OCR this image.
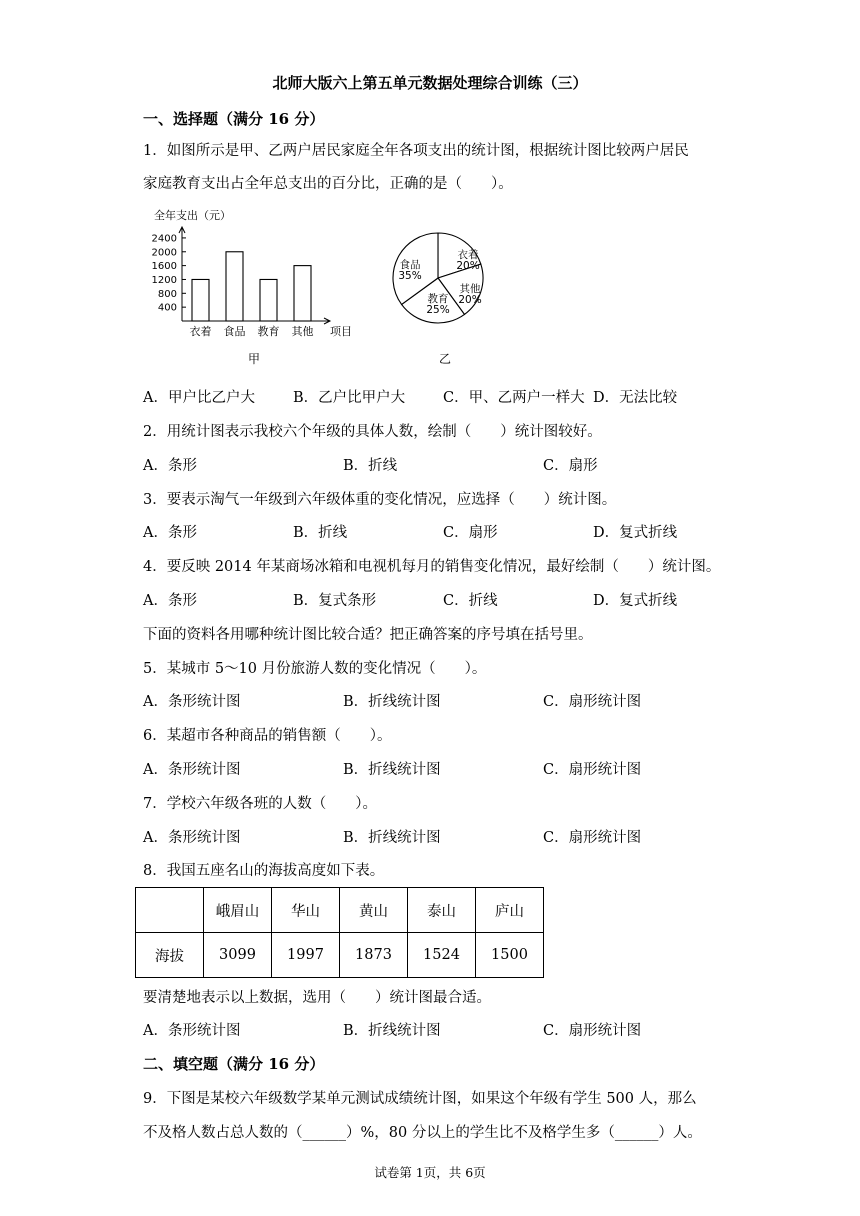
北师大版六上第五单元数据处理综合训练（三）
一、选择题（满分 16 分）
1．如图所示是甲、乙两户居民家庭全年各项支出的统计图，根据统计图比较两户居民
家庭教育支出占全年总支出的百分比，正确的是（　　）。
全年支出（元）
2400
2000
1600
1200
800
400
衣着 食品 教育 其他 项目
甲
衣着
20%
其他
20%
教育
25%
食品
35%
乙
A．甲户比乙户大	B．乙户比甲户大	C．甲、乙两户一样大 D．无法比较
2．用统计图表示我校六个年级的具体人数，绘制（　　）统计图较好。
A．条形	B．折线	C．扇形
3．要表示淘气一年级到六年级体重的变化情况，应选择（　　）统计图。
A．条形	B．折线	C．扇形	D．复式折线
4．要反映 2014 年某商场冰箱和电视机每月的销售变化情况，最好绘制（　　）统计图。
A．条形	B．复式条形	C．折线	D．复式折线
下面的资料各用哪种统计图比较合适？把正确答案的序号填在括号里。
5．某城市 5～10 月份旅游人数的变化情况（　　）。
A．条形统计图	B．折线统计图	C．扇形统计图
6．某超市各种商品的销售额（　　）。
A．条形统计图	B．折线统计图	C．扇形统计图
7．学校六年级各班的人数（　　）。
A．条形统计图	B．折线统计图	C．扇形统计图
8．我国五座名山的海拔高度如下表。
	峨眉山	华山	黄山	泰山	庐山
海拔	3099	1997	1873	1524	1500
要清楚地表示以上数据，选用（　　）统计图最合适。
A．条形统计图	B．折线统计图	C．扇形统计图
二、填空题（满分 16 分）
9．下图是某校六年级数学某单元测试成绩统计图，如果这个年级有学生 500 人，那么
不及格人数占总人数的（______）%，80 分以上的学生比不及格学生多（______）人。
试卷第 1页，共 6页
